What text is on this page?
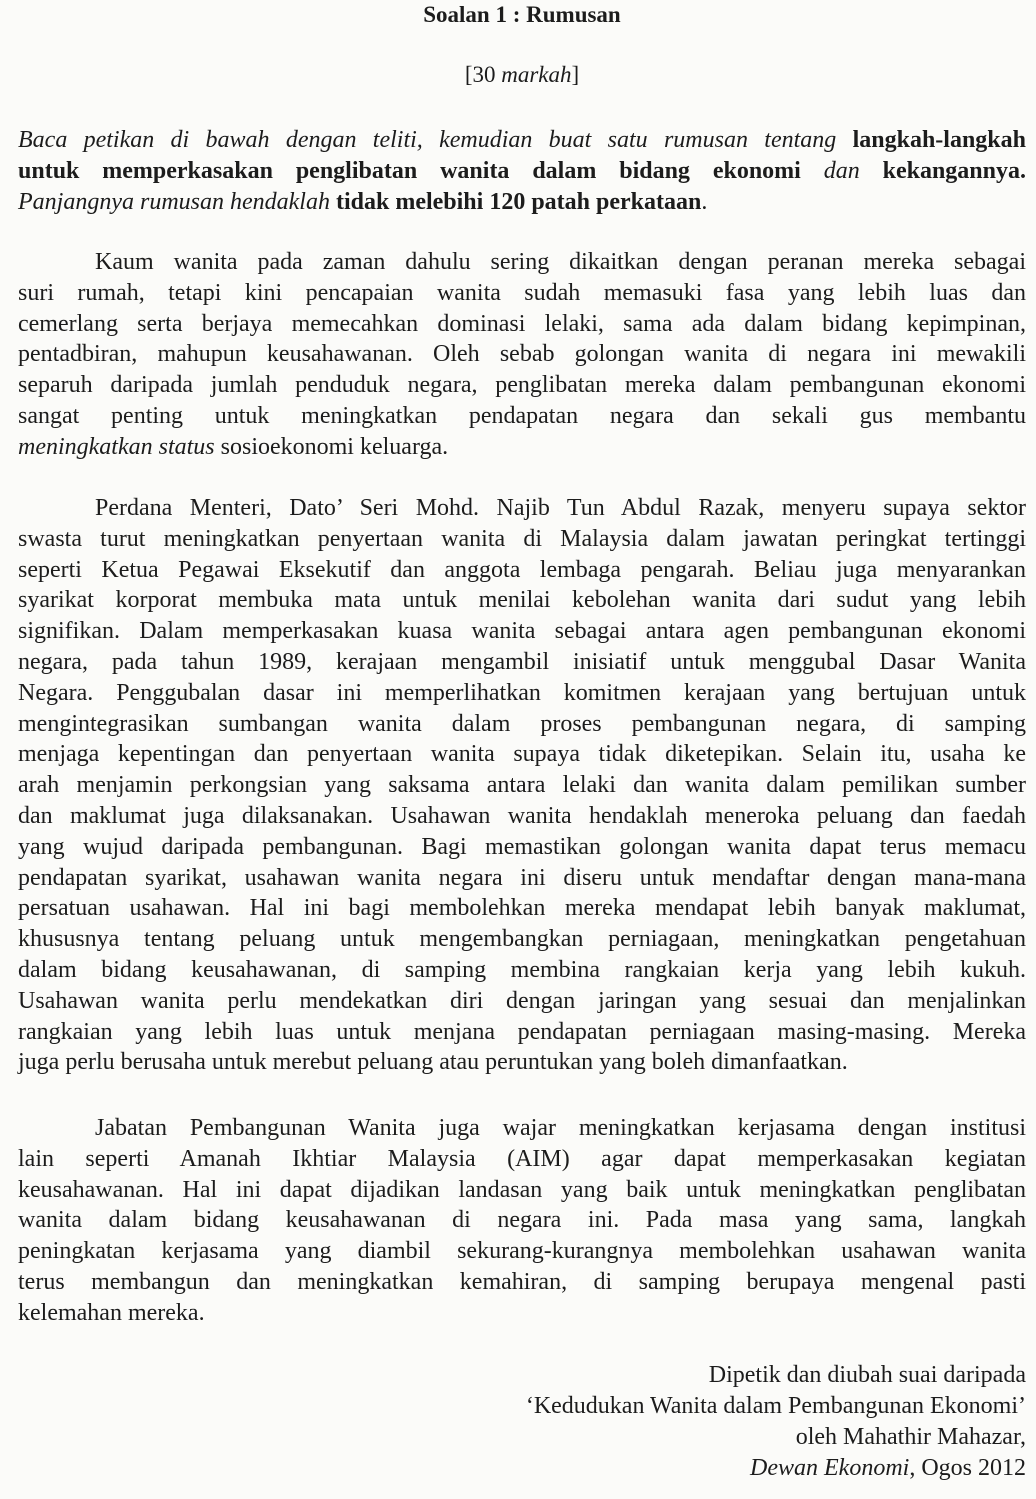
Soalan 1 : Rumusan
[30 markah]
Baca petikan di bawah dengan teliti, kemudian buat satu rumusan tentang langkah-langkah
untuk memperkasakan penglibatan wanita dalam bidang ekonomi dan kekangannya.
Panjangnya rumusan hendaklah tidak melebihi 120 patah perkataan.
Kaum wanita pada zaman dahulu sering dikaitkan dengan peranan mereka sebagai
suri rumah, tetapi kini pencapaian wanita sudah memasuki fasa yang lebih luas dan
cemerlang serta berjaya memecahkan dominasi lelaki, sama ada dalam bidang kepimpinan,
pentadbiran, mahupun keusahawanan. Oleh sebab golongan wanita di negara ini mewakili
separuh daripada jumlah penduduk negara, penglibatan mereka dalam pembangunan ekonomi
sangat penting untuk meningkatkan pendapatan negara dan sekali gus membantu
meningkatkan status sosioekonomi keluarga.
Perdana Menteri, Dato’ Seri Mohd. Najib Tun Abdul Razak, menyeru supaya sektor
swasta turut meningkatkan penyertaan wanita di Malaysia dalam jawatan peringkat tertinggi
seperti Ketua Pegawai Eksekutif dan anggota lembaga pengarah. Beliau juga menyarankan
syarikat korporat membuka mata untuk menilai kebolehan wanita dari sudut yang lebih
signifikan. Dalam memperkasakan kuasa wanita sebagai antara agen pembangunan ekonomi
negara, pada tahun 1989, kerajaan mengambil inisiatif untuk menggubal Dasar Wanita
Negara. Penggubalan dasar ini memperlihatkan komitmen kerajaan yang bertujuan untuk
mengintegrasikan sumbangan wanita dalam proses pembangunan negara, di samping
menjaga kepentingan dan penyertaan wanita supaya tidak diketepikan. Selain itu, usaha ke
arah menjamin perkongsian yang saksama antara lelaki dan wanita dalam pemilikan sumber
dan maklumat juga dilaksanakan. Usahawan wanita hendaklah meneroka peluang dan faedah
yang wujud daripada pembangunan. Bagi memastikan golongan wanita dapat terus memacu
pendapatan syarikat, usahawan wanita negara ini diseru untuk mendaftar dengan mana-mana
persatuan usahawan. Hal ini bagi membolehkan mereka mendapat lebih banyak maklumat,
khususnya tentang peluang untuk mengembangkan perniagaan, meningkatkan pengetahuan
dalam bidang keusahawanan, di samping membina rangkaian kerja yang lebih kukuh.
Usahawan wanita perlu mendekatkan diri dengan jaringan yang sesuai dan menjalinkan
rangkaian yang lebih luas untuk menjana pendapatan perniagaan masing-masing. Mereka
juga perlu berusaha untuk merebut peluang atau peruntukan yang boleh dimanfaatkan.
Jabatan Pembangunan Wanita juga wajar meningkatkan kerjasama dengan institusi
lain seperti Amanah Ikhtiar Malaysia (AIM) agar dapat memperkasakan kegiatan
keusahawanan. Hal ini dapat dijadikan landasan yang baik untuk meningkatkan penglibatan
wanita dalam bidang keusahawanan di negara ini. Pada masa yang sama, langkah
peningkatan kerjasama yang diambil sekurang-kurangnya membolehkan usahawan wanita
terus membangun dan meningkatkan kemahiran, di samping berupaya mengenal pasti
kelemahan mereka.
Dipetik dan diubah suai daripada
‘Kedudukan Wanita dalam Pembangunan Ekonomi’
oleh Mahathir Mahazar,
Dewan Ekonomi, Ogos 2012
